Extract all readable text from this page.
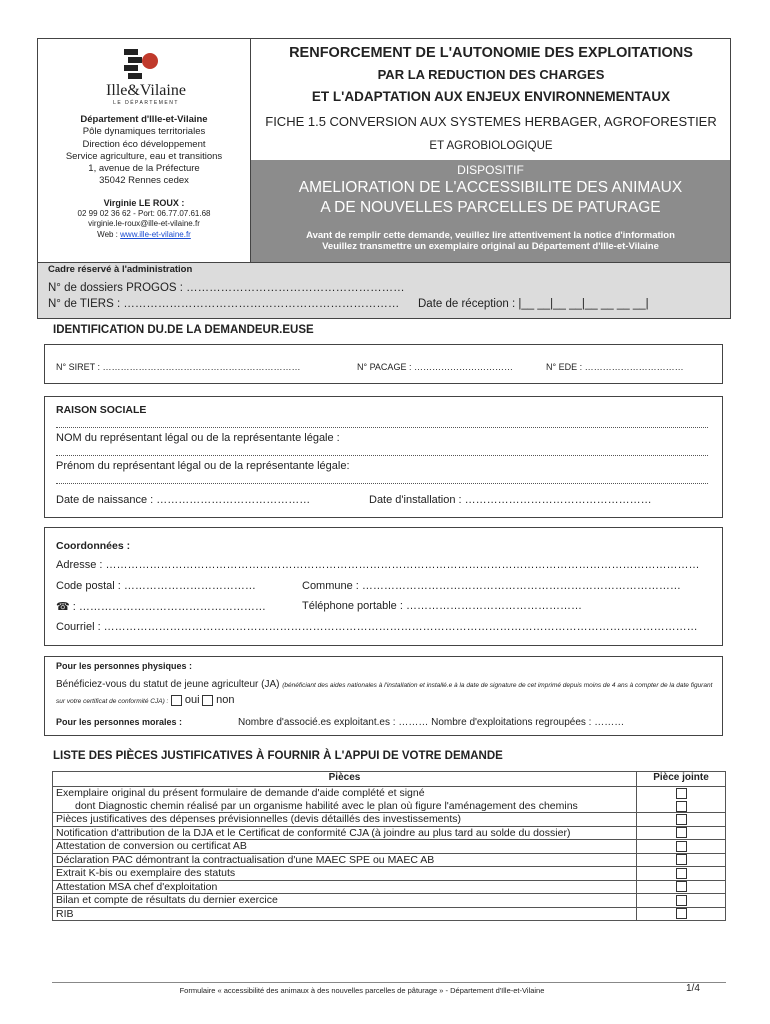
Ille&Vilaine
LE DÉPARTEMENT
Département d'Ille-et-Vilaine
Pôle dynamiques territoriales
Direction éco développement
Service agriculture, eau et transitions
1, avenue de la Préfecture
35042 Rennes cedex
Virginie LE ROUX :
02 99 02 36 62 - Port: 06.77.07.61.68
virginie.le-roux@ille-et-vilaine.fr
Web : www.ille-et-vilaine.fr
RENFORCEMENT DE L'AUTONOMIE DES EXPLOITATIONS
PAR LA REDUCTION DES CHARGES
ET L'ADAPTATION AUX ENJEUX ENVIRONNEMENTAUX
FICHE 1.5 CONVERSION AUX SYSTEMES HERBAGER, AGROFORESTIER
ET AGROBIOLOGIQUE
DISPOSITIF
AMELIORATION DE L'ACCESSIBILITE DES ANIMAUX
A DE NOUVELLES PARCELLES DE PATURAGE
Avant de remplir cette demande, veuillez lire attentivement la notice d'information
Veuillez transmettre un exemplaire original au Département d'Ille-et-Vilaine
Cadre réservé à l'administration
N° de dossiers PROGOS : …………………………………………………
N° de TIERS : ……………………………………………………………… Date de réception : |__ __|__ __|__ __ __ __|
IDENTIFICATION DU.DE LA DEMANDEUR.EUSE
N° SIRET : …………………………………………………………	N° PACAGE : ……………………………	N° EDE : ……………………………
RAISON SOCIALE
NOM du représentant légal ou de la représentante légale :
Prénom du représentant légal ou de la représentante légale:
Date de naissance : ……………………………………	Date d'installation : ……………………………………………
Coordonnées :
Adresse : ………………………………………………………………………………………………………………………………………………
Code postal : ………………………………	Commune : ……………………………………………………………………………
☎ : ……………………………………………	Téléphone portable : …………………………………………
Courriel : ………………………………………………………………………………………………………………………………………………
Pour les personnes physiques :
Bénéficiez-vous du statut de jeune agriculteur (JA) (bénéficiant des aides nationales à l'installation et installé.e à la date de signature de cet imprimé depuis moins de 4 ans à compter de la date figurant sur votre certificat de conformité CJA) : oui non
Pour les personnes morales :	Nombre d'associé.es exploitant.es : ……… Nombre d'exploitations regroupées : ………
LISTE DES PIÈCES JUSTIFICATIVES À FOURNIR À L'APPUI DE VOTRE DEMANDE
Pièces	Pièce jointe

Exemplaire original du présent formulaire de demande d'aide complété et signé
dont Diagnostic chemin réalisé par un organisme habilité avec le plan où figure l'aménagement des chemins	

Pièces justificatives des dépenses prévisionnelles (devis détaillés des investissements)	
Notification d'attribution de la DJA et le Certificat de conformité CJA (à joindre au plus tard au solde du dossier)	
Attestation de conversion ou certificat AB	
Déclaration PAC démontrant la contractualisation d'une MAEC SPE ou MAEC AB	
Extrait K-bis ou exemplaire des statuts	
Attestation MSA chef d'exploitation	
Bilan et compte de résultats du dernier exercice	
RIB	
Formulaire « accessibilité des animaux à des nouvelles parcelles de pâturage » - Département d'Ille-et-Vilaine	1/4
